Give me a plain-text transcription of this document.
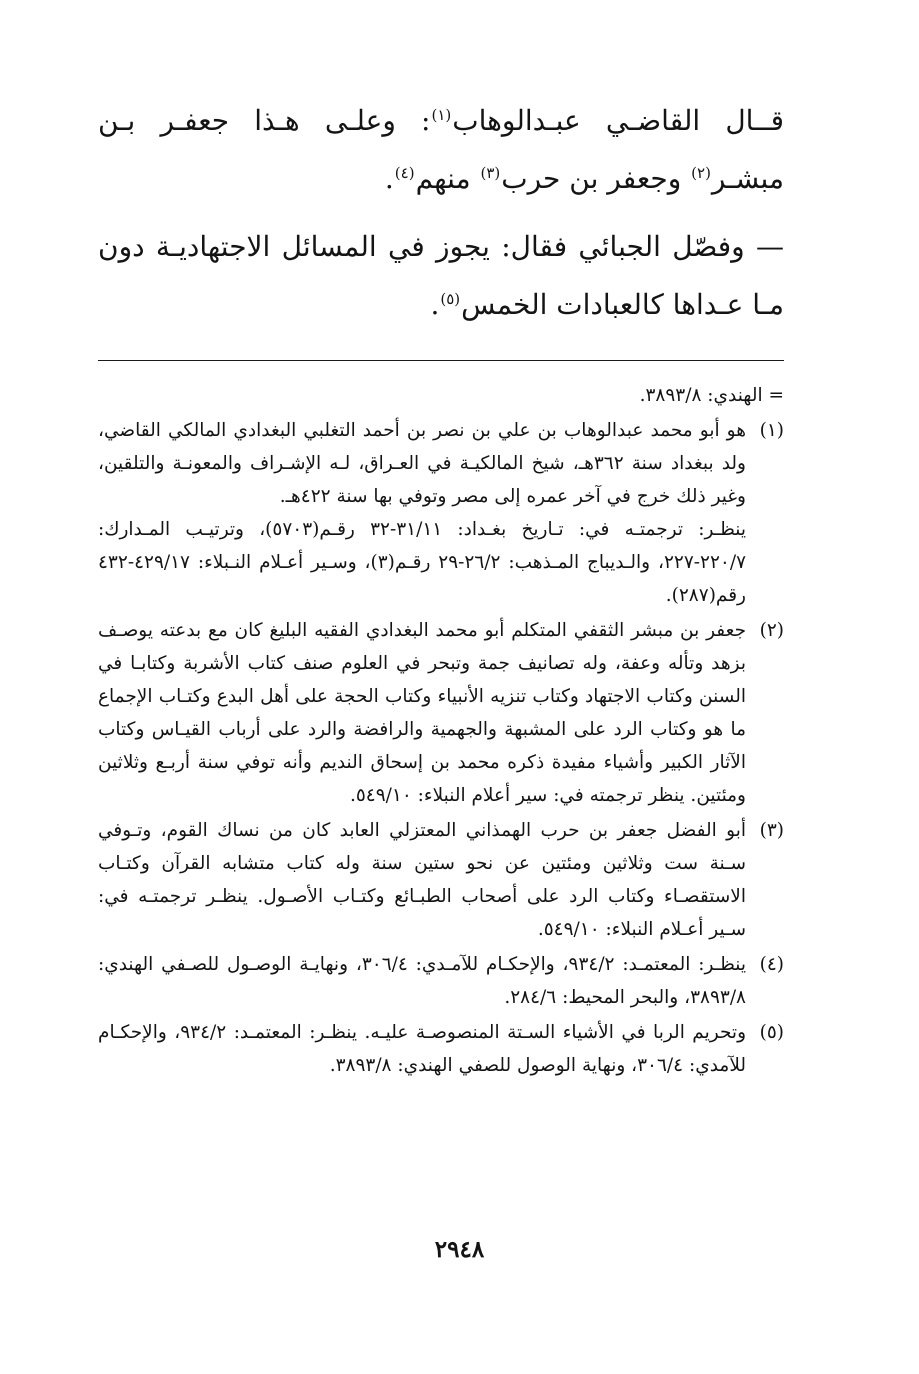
قــال القاضـي عبـدالوهاب$^{(١)}$: وعلـى هـذا جعفـر بـن مبشـر$^{(٢)}$ وجعفر بن حرب$^{(٣)}$ منهم$^{(٤)}$.

— وفصّل الجبائي فقال: يجوز في المسائل الاجتهاديـة دون مـا عـداها كالعبادات الخمس$^{(٥)}$.

= الهندي: ٣٨٩٣/٨.

(١)
هو أبو محمد عبدالوهاب بن علي بن نصر بن أحمد التغلبي البغدادي المالكي القاضي، ولد ببغداد سنة ٣٦٢هـ، شيخ المالكيـة في العـراق، لـه الإشـراف والمعونـة والتلقين، وغير ذلك خرج في آخر عمره إلى مصر وتوفي بها سنة ٤٢٢هـ.
ينظـر: ترجمتـه في: تـاريخ بغـداد: ٣١/١١-٣٢ رقـم(٥٧٠٣)، وترتيـب المـدارك: ٢٢٠/٧-٢٢٧، والـديباج المـذهب: ٢٦/٢-٢٩ رقـم(٣)، وسـير أعـلام النـبلاء: ٤٢٩/١٧-٤٣٢ رقم(٢٨٧).

(٢)
جعفر بن مبشر الثقفي المتكلم أبو محمد البغدادي الفقيه البليغ كان مع بدعته يوصـف بزهد وتأله وعفة، وله تصانيف جمة وتبحر في العلوم صنف كتاب الأشربة وكتابـا في السنن وكتاب الاجتهاد وكتاب تنزيه الأنبياء وكتاب الحجة على أهل البدع وكتـاب الإجماع ما هو وكتاب الرد على المشبهة والجهمية والرافضة والرد على أرباب القيـاس وكتاب الآثار الكبير وأشياء مفيدة ذكره محمد بن إسحاق النديم وأنه توفي سنة أربـع وثلاثين ومئتين. ينظر ترجمته في: سير أعلام النبلاء: ٥٤٩/١٠.

(٣)
أبو الفضل جعفر بن حرب الهمذاني المعتزلي العابد كان من نساك القوم، وتـوفي سـنة ست وثلاثين ومئتين عن نحو ستين سنة وله كتاب متشابه القرآن وكتـاب الاستقصـاء وكتاب الرد على أصحاب الطبـائع وكتـاب الأصـول. ينظـر ترجمتـه في: سـير أعـلام النبلاء: ٥٤٩/١٠.

(٤)
ينظـر: المعتمـد: ٩٣٤/٢، والإحكـام للآمـدي: ٣٠٦/٤، ونهايـة الوصـول للصـفي الهندي: ٣٨٩٣/٨، والبحر المحيط: ٢٨٤/٦.

(٥)
وتحريم الربا في الأشياء السـتة المنصوصـة عليـه. ينظـر: المعتمـد: ٩٣٤/٢، والإحكـام للآمدي: ٣٠٦/٤، ونهاية الوصول للصفي الهندي: ٣٨٩٣/٨.

٢٩٤٨
